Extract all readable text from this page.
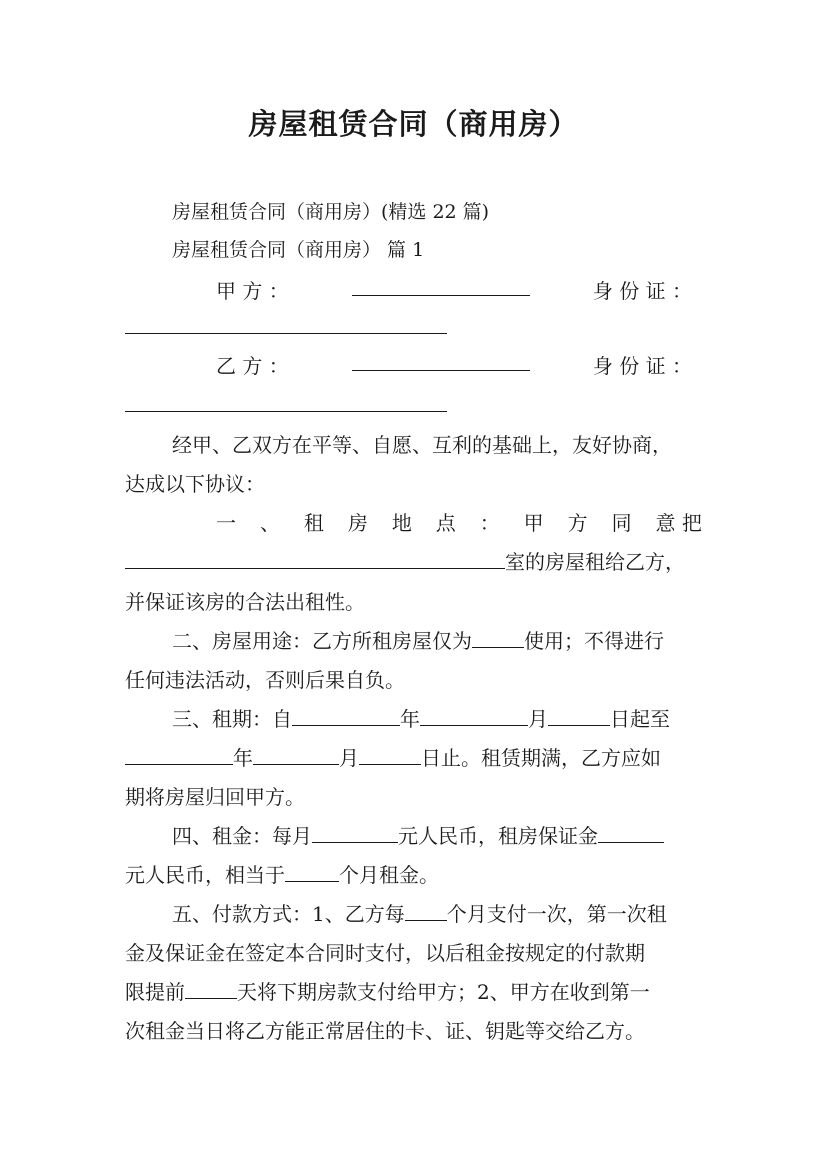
房屋租赁合同（商用房）
房屋租赁合同（商用房）(精选 22 篇)
房屋租赁合同（商用房） 篇 1
甲 方 ：	身 份 证 ：
乙 方 ：	身 份 证 ：
经甲、乙双方在平等、自愿、互利的基础上，友好协商，
达成以下协议：
一 、 租 房 地 点 ： 甲 方 同 意 把
室的房屋租给乙方，
并保证该房的合法出租性。
二、房屋用途：乙方所租房屋仅为	使用；不得进行
任何违法活动，否则后果自负。
三、租期：自	年	月	日起至
年	月	日止。租赁期满，乙方应如
期将房屋归回甲方。
四、租金：每月	元人民币，租房保证金
元人民币，相当于	个月租金。
五、付款方式：1、乙方每 个月支付一次，第一次租
金及保证金在签定本合同时支付，以后租金按规定的付款期
限提前	天将下期房款支付给甲方；2、甲方在收到第一
次租金当日将乙方能正常居住的卡、证、钥匙等交给乙方。
